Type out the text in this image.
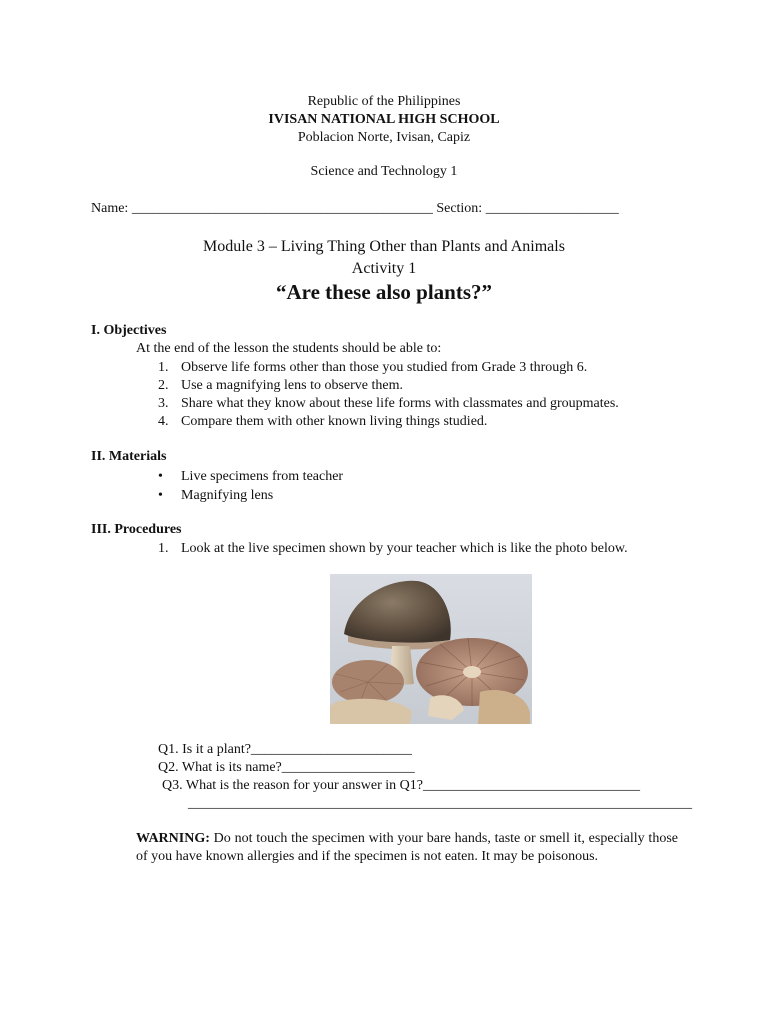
Republic of the Philippines
IVISAN NATIONAL HIGH SCHOOL
Poblacion Norte, Ivisan, Capiz
Science and Technology 1
Name: ___________________________________________ Section: ___________________
Module 3 – Living Thing Other than Plants and Animals
Activity 1
“Are these also plants?”
I. Objectives
At the end of the lesson the students should be able to:
1. Observe life forms other than those you studied from Grade 3 through 6.
2. Use a magnifying lens to observe them.
3. Share what they know about these life forms with classmates and groupmates.
4. Compare them with other known living things studied.
II. Materials
• Live specimens from teacher
• Magnifying lens
III. Procedures
1. Look at the live specimen shown by your teacher which is like the photo below.
Q1. Is it a plant?_______________________
Q2. What is its name?___________________
Q3. What is the reason for your answer in Q1?_______________________________
________________________________________________________________________
WARNING: Do not touch the specimen with your bare hands, taste or smell it, especially those of you have known allergies and if the specimen is not eaten. It may be poisonous.
